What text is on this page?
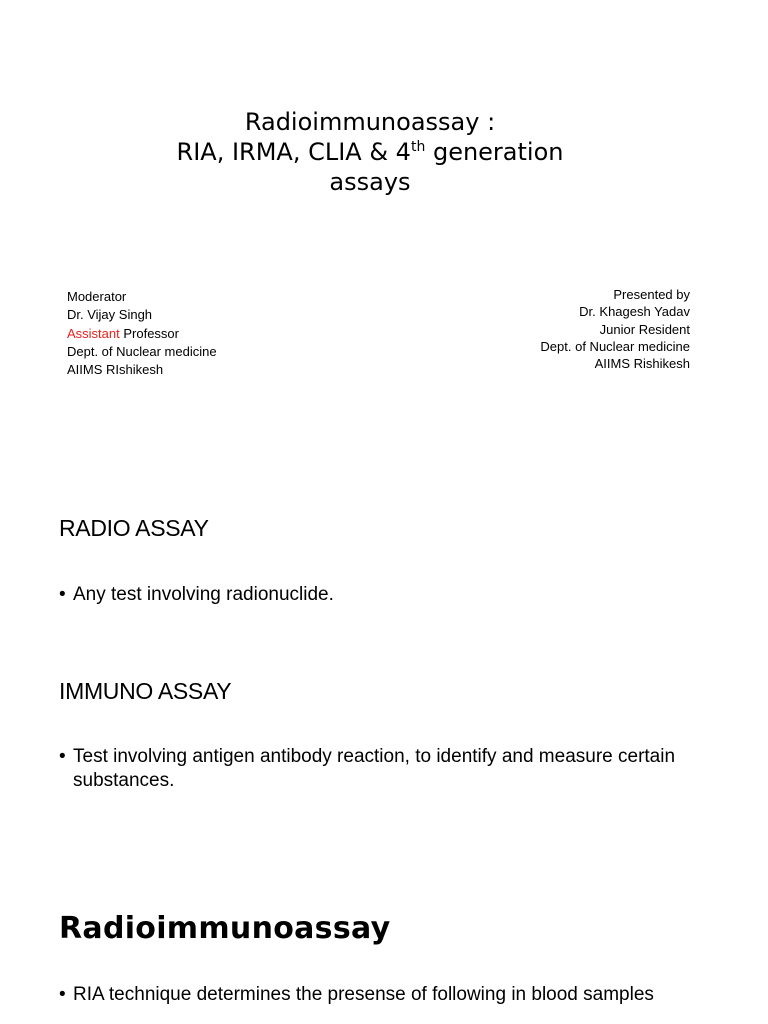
Radioimmunoassay :
RIA, IRMA, CLIA & 4th generation
assays
Moderator
Dr. Vijay Singh
Assistant Professor
Dept. of Nuclear medicine
AIIMS RIshikesh
Presented by
Dr. Khagesh Yadav
Junior Resident
Dept. of Nuclear medicine
AIIMS Rishikesh
RADIO ASSAY
• Any test involving radionuclide.
IMMUNO ASSAY
• Test involving antigen antibody reaction, to identify and measure certain substances.
Radioimmunoassay
• RIA technique determines the presense of following in blood samples
